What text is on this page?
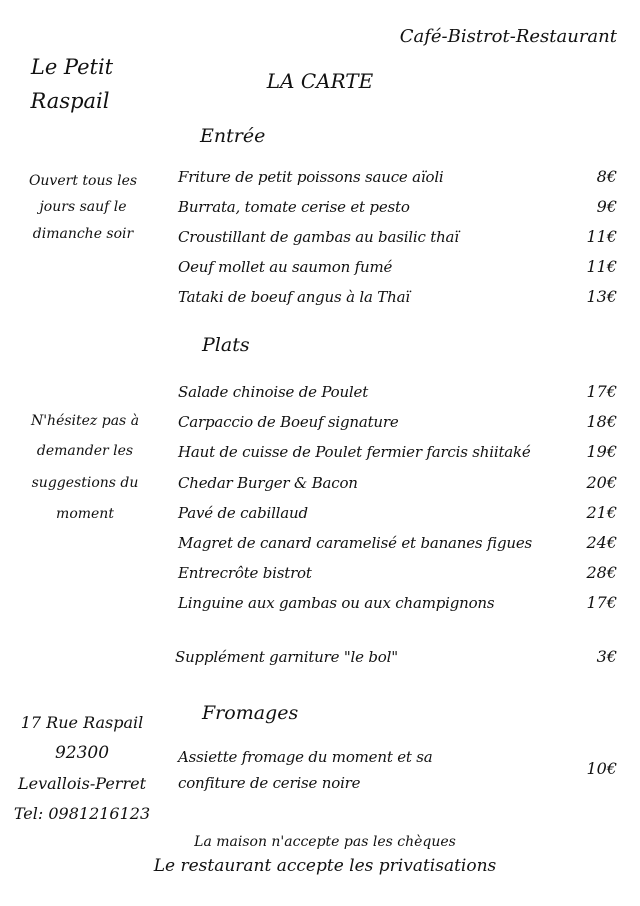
Café-Bistrot-Restaurant
Le Petit
Raspail
LA CARTE
Ouvert tous les
jours sauf le
dimanche soir
N'hésitez pas à
demander les
suggestions du
moment
17 Rue Raspail
92300
Levallois-Perret
Tel: 0981216123
Entrée
Friture de petit poissons sauce aïoli	8€
Burrata, tomate cerise et pesto	9€
Croustillant de gambas au basilic thaï	11€
Oeuf mollet au saumon fumé	11€
Tataki de boeuf angus à la Thaï	13€
Plats
Salade chinoise de Poulet	17€
Carpaccio de Boeuf signature	18€
Haut de cuisse de Poulet fermier farcis shiitaké	19€
Chedar Burger & Bacon	20€
Pavé de cabillaud	21€
Magret de canard caramelisé et bananes figues	24€
Entrecrôte bistrot	28€
Linguine aux gambas ou aux champignons	17€
Supplément garniture "le bol"	3€
Fromages
Assiette fromage du moment et sa
confiture de cerise noire
10€
La maison n'accepte pas les chèques
Le restaurant accepte les privatisations
